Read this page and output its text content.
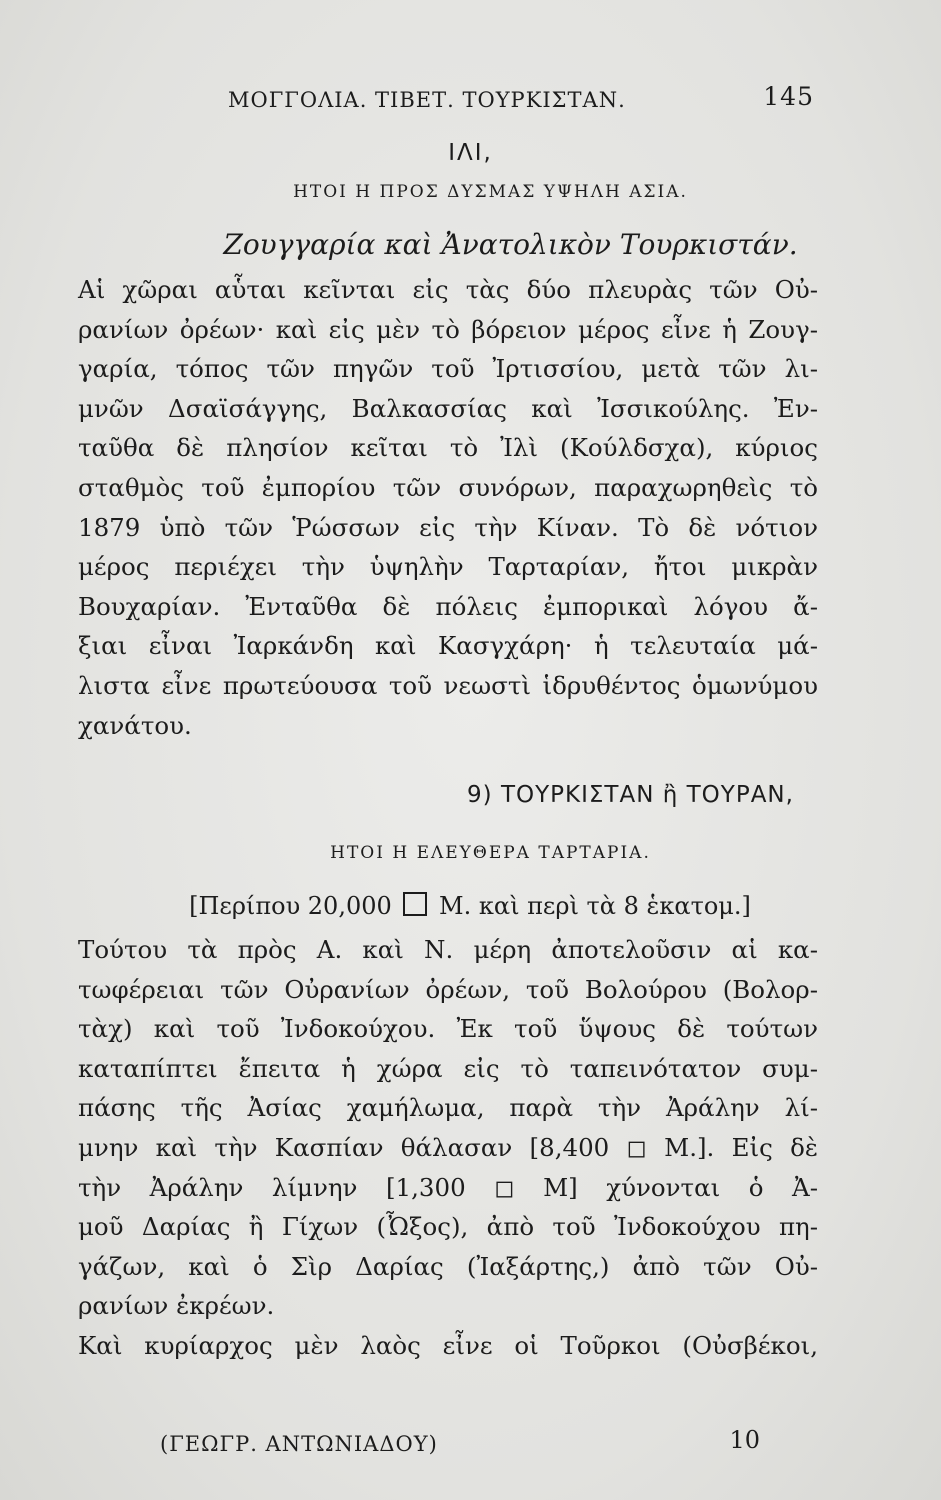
ΜΟΓΓΟΛΙΑ. ΤΙΒΕΤ. ΤΟΥΡΚΙΣΤΑΝ.	145
ΙΛΙ,
ΗΤΟΙ Η ΠΡΟΣ ΔΥΣΜΑΣ ΥΨΗΛΗ ΑΣΙΑ.
Ζουγγαρία καὶ Ἀνατολικὸν Τουρκιστάν.
Αἱ χῶραι αὗται κεῖνται εἰς τὰς δύο πλευρὰς τῶν Οὐ-
ρανίων ὀρέων· καὶ εἰς μὲν τὸ βόρειον μέρος εἶνε ἡ Ζουγ-
γαρία, τόπος τῶν πηγῶν τοῦ Ἰρτισσίου, μετὰ τῶν λι-
μνῶν Δσαϊσάγγης, Βαλκασσίας καὶ Ἰσσικούλης. Ἐν-
ταῦθα δὲ πλησίον κεῖται τὸ Ἰλὶ (Κούλδσχα), κύριος
σταθμὸς τοῦ ἐμπορίου τῶν συνόρων, παραχωρηθεὶς τὸ
1879 ὑπὸ τῶν Ῥώσσων εἰς τὴν Κίναν. Τὸ δὲ νότιον
μέρος περιέχει τὴν ὑψηλὴν Ταρταρίαν, ἤτοι μικρὰν
Βουχαρίαν. Ἐνταῦθα δὲ πόλεις ἐμπορικαὶ λόγου ἄ-
ξιαι εἶναι Ἰαρκάνδη καὶ Κασγχάρη· ἡ τελευταία μά-
λιστα εἶνε πρωτεύουσα τοῦ νεωστὶ ἱδρυθέντος ὁμωνύμου
χανάτου.
9) ΤΟΥΡΚΙΣΤΑΝ ἢ ΤΟΥΡΑΝ,
ΗΤΟΙ Η ΕΛΕΥΘΕΡΑ ΤΑΡΤΑΡΙΑ.
[Περίπου 20,000 Μ. καὶ περὶ τὰ 8 ἑκατομ.]
Τούτου τὰ πρὸς Α. καὶ Ν. μέρη ἀποτελοῦσιν αἱ κα-
τωφέρειαι τῶν Οὐρανίων ὀρέων, τοῦ Βολούρου (Βολορ-
τὰχ) καὶ τοῦ Ἰνδοκούχου. Ἐκ τοῦ ὕψους δὲ τούτων
καταπίπτει ἔπειτα ἡ χώρα εἰς τὸ ταπεινότατον συμ-
πάσης τῆς Ἀσίας χαμήλωμα, παρὰ τὴν Ἀράλην λί-
μνην καὶ τὴν Κασπίαν θάλασαν [8,400 ◻ Μ.]. Εἰς δὲ
τὴν Ἀράλην λίμνην [1,300 ◻ Μ] χύνονται ὁ Ἀ-
μοῦ Δαρίας ἢ Γίχων (Ὦξος), ἀπὸ τοῦ Ἰνδοκούχου πη-
γάζων, καὶ ὁ Σὶρ Δαρίας (Ἰαξάρτης,) ἀπὸ τῶν Οὐ-
ρανίων ἐκρέων.
Καὶ κυρίαρχος μὲν λαὸς εἶνε οἱ Τοῦρκοι (Οὐσβέκοι,
(ΓΕΩΓΡ. ΑΝΤΩΝΙΑΔΟΥ)	10
